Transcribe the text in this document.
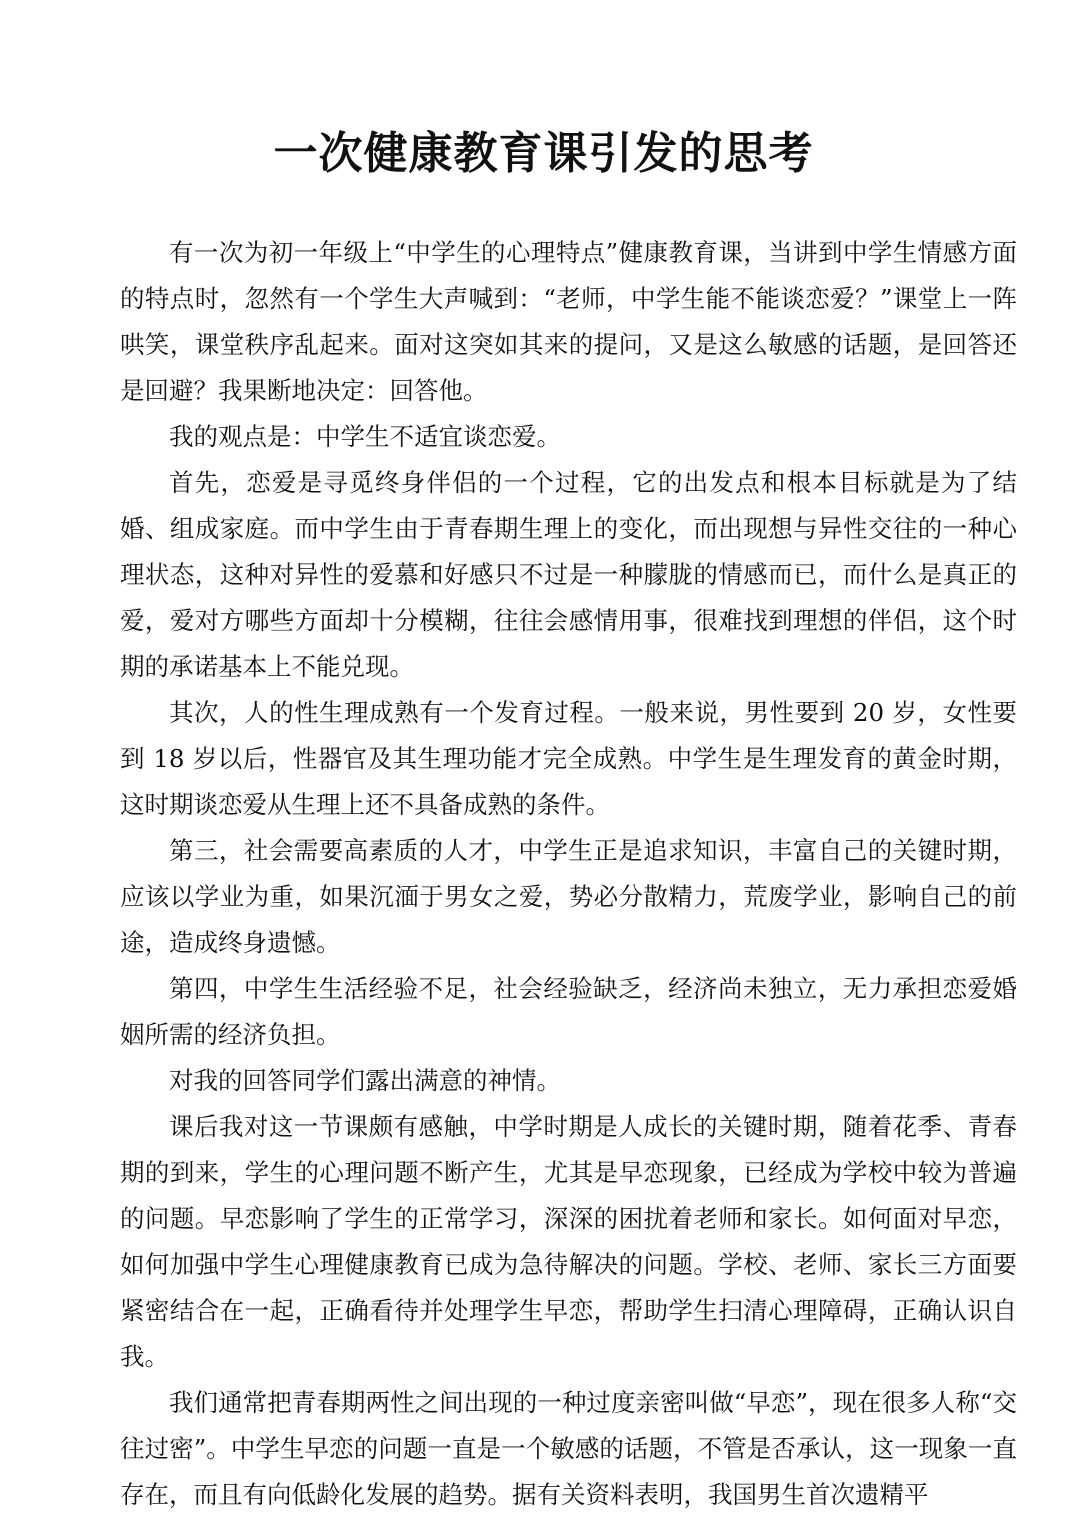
一次健康教育课引发的思考

有一次为初一年级上“中学生的心理特点”健康教育课，当讲到中学生情感方面的特点时，忽然有一个学生大声喊到：“老师，中学生能不能谈恋爱？”课堂上一阵哄笑，课堂秩序乱起来。面对这突如其来的提问，又是这么敏感的话题，是回答还是回避？我果断地决定：回答他。

我的观点是：中学生不适宜谈恋爱。

首先，恋爱是寻觅终身伴侣的一个过程，它的出发点和根本目标就是为了结婚、组成家庭。而中学生由于青春期生理上的变化，而出现想与异性交往的一种心理状态，这种对异性的爱慕和好感只不过是一种朦胧的情感而已，而什么是真正的爱，爱对方哪些方面却十分模糊，往往会感情用事，很难找到理想的伴侣，这个时期的承诺基本上不能兑现。

其次，人的性生理成熟有一个发育过程。一般来说，男性要到 20 岁，女性要到 18 岁以后，性器官及其生理功能才完全成熟。中学生是生理发育的黄金时期，这时期谈恋爱从生理上还不具备成熟的条件。

第三，社会需要高素质的人才，中学生正是追求知识，丰富自己的关键时期，应该以学业为重，如果沉湎于男女之爱，势必分散精力，荒废学业，影响自己的前途，造成终身遗憾。

第四，中学生生活经验不足，社会经验缺乏，经济尚未独立，无力承担恋爱婚姻所需的经济负担。

对我的回答同学们露出满意的神情。

课后我对这一节课颇有感触，中学时期是人成长的关键时期，随着花季、青春期的到来，学生的心理问题不断产生，尤其是早恋现象，已经成为学校中较为普遍的问题。早恋影响了学生的正常学习，深深的困扰着老师和家长。如何面对早恋，如何加强中学生心理健康教育已成为急待解决的问题。学校、老师、家长三方面要紧密结合在一起，正确看待并处理学生早恋，帮助学生扫清心理障碍，正确认识自我。

我们通常把青春期两性之间出现的一种过度亲密叫做“早恋”，现在很多人称“交往过密”。中学生早恋的问题一直是一个敏感的话题，不管是否承认，这一现象一直存在，而且有向低龄化发展的趋势。据有关资料表明，我国男生首次遗精平
